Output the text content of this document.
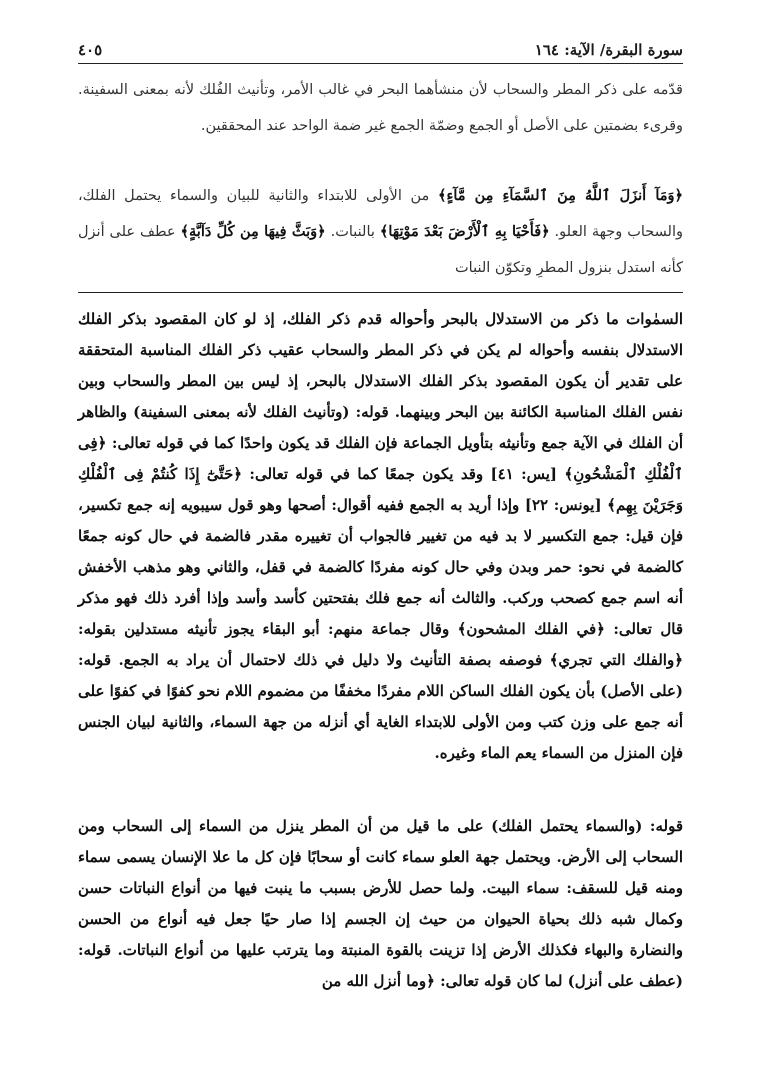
سورة البقرة/ الآية: ١٦٤
٤٠٥

قدّمه على ذكر المطر والسحاب لأن منشأهما البحر في غالب الأمر، وتأنيث الفُلك لأنه بمعنى السفينة. وقرىء بضمتين على الأصل أو الجمع وضمّة الجمع غير ضمة الواحد عند المحققين.

﴿وَمَآ أَنزَلَ ٱللَّهُ مِنَ ٱلسَّمَآءِ مِن مَّآءٍ﴾ من الأولى للابتداء والثانية للبيان والسماء يحتمل الفلك، والسحاب وجهة العلو. ﴿فَأَحْيَا بِهِ ٱلْأَرْضَ بَعْدَ مَوْتِهَا﴾ بالنبات. ﴿وَبَثَّ فِيهَا مِن كُلِّ دَآبَّةٍ﴾ عطف على أنزل كأنه استدل بنزول المطرِ وتكوّن النبات

السمٰوات ما ذكر من الاستدلال بالبحر وأحواله قدم ذكر الفلك، إذ لو كان المقصود بذكر الفلك الاستدلال بنفسه وأحواله لم يكن في ذكر المطر والسحاب عقيب ذكر الفلك المناسبة المتحققة على تقدير أن يكون المقصود بذكر الفلك الاستدلال بالبحر، إذ ليس بين المطر والسحاب وبين نفس الفلك المناسبة الكائنة بين البحر وبينهما. قوله: (وتأنيث الفلك لأنه بمعنى السفينة) والظاهر أن الفلك في الآية جمع وتأنيثه بتأويل الجماعة فإن الفلك قد يكون واحدًا كما في قوله تعالى: ﴿فِى ٱلْفُلْكِ ٱلْمَشْحُونِ﴾ [يس: ٤١] وقد يكون جمعًا كما في قوله تعالى: ﴿حَتَّىٰٓ إِذَا كُنتُمْ فِى ٱلْفُلْكِ وَجَرَيْنَ بِهِم﴾ [يونس: ٢٢] وإذا أريد به الجمع ففيه أقوال: أصحها وهو قول سيبويه إنه جمع تكسير، فإن قيل: جمع التكسير لا بد فيه من تغيير فالجواب أن تغييره مقدر فالضمة في حال كونه جمعًا كالضمة في نحو: حمر وبدن وفي حال كونه مفردًا كالضمة في قفل، والثاني وهو مذهب الأخفش أنه اسم جمع كصحب وركب. والثالث أنه جمع فلك بفتحتين كأسد وأسد وإذا أفرد ذلك فهو مذكر قال تعالى: ﴿في الفلك المشحون﴾ وقال جماعة منهم: أبو البقاء يجوز تأنيثه مستدلين بقوله: ﴿والفلك التي تجري﴾ فوصفه بصفة التأنيث ولا دليل في ذلك لاحتمال أن يراد به الجمع. قوله: (على الأصل) بأن يكون الفلك الساكن اللام مفردًا مخففًا من مضموم اللام نحو كفوًا في كفوًا على أنه جمع على وزن كتب ومن الأولى للابتداء الغاية أي أنزله من جهة السماء، والثانية لبيان الجنس فإن المنزل من السماء يعم الماء وغيره.

قوله: (والسماء يحتمل الفلك) على ما قيل من أن المطر ينزل من السماء إلى السحاب ومن السحاب إلى الأرض. ويحتمل جهة العلو سماء كانت أو سحابًا فإن كل ما علا الإنسان يسمى سماء ومنه قيل للسقف: سماء البيت. ولما حصل للأرض بسبب ما ينبت فيها من أنواع النباتات حسن وكمال شبه ذلك بحياة الحيوان من حيث إن الجسم إذا صار حيًا جعل فيه أنواع من الحسن والنضارة والبهاء فكذلك الأرض إذا تزينت بالقوة المنبتة وما يترتب عليها من أنواع النباتات. قوله: (عطف على أنزل) لما كان قوله تعالى: ﴿وما أنزل الله من
